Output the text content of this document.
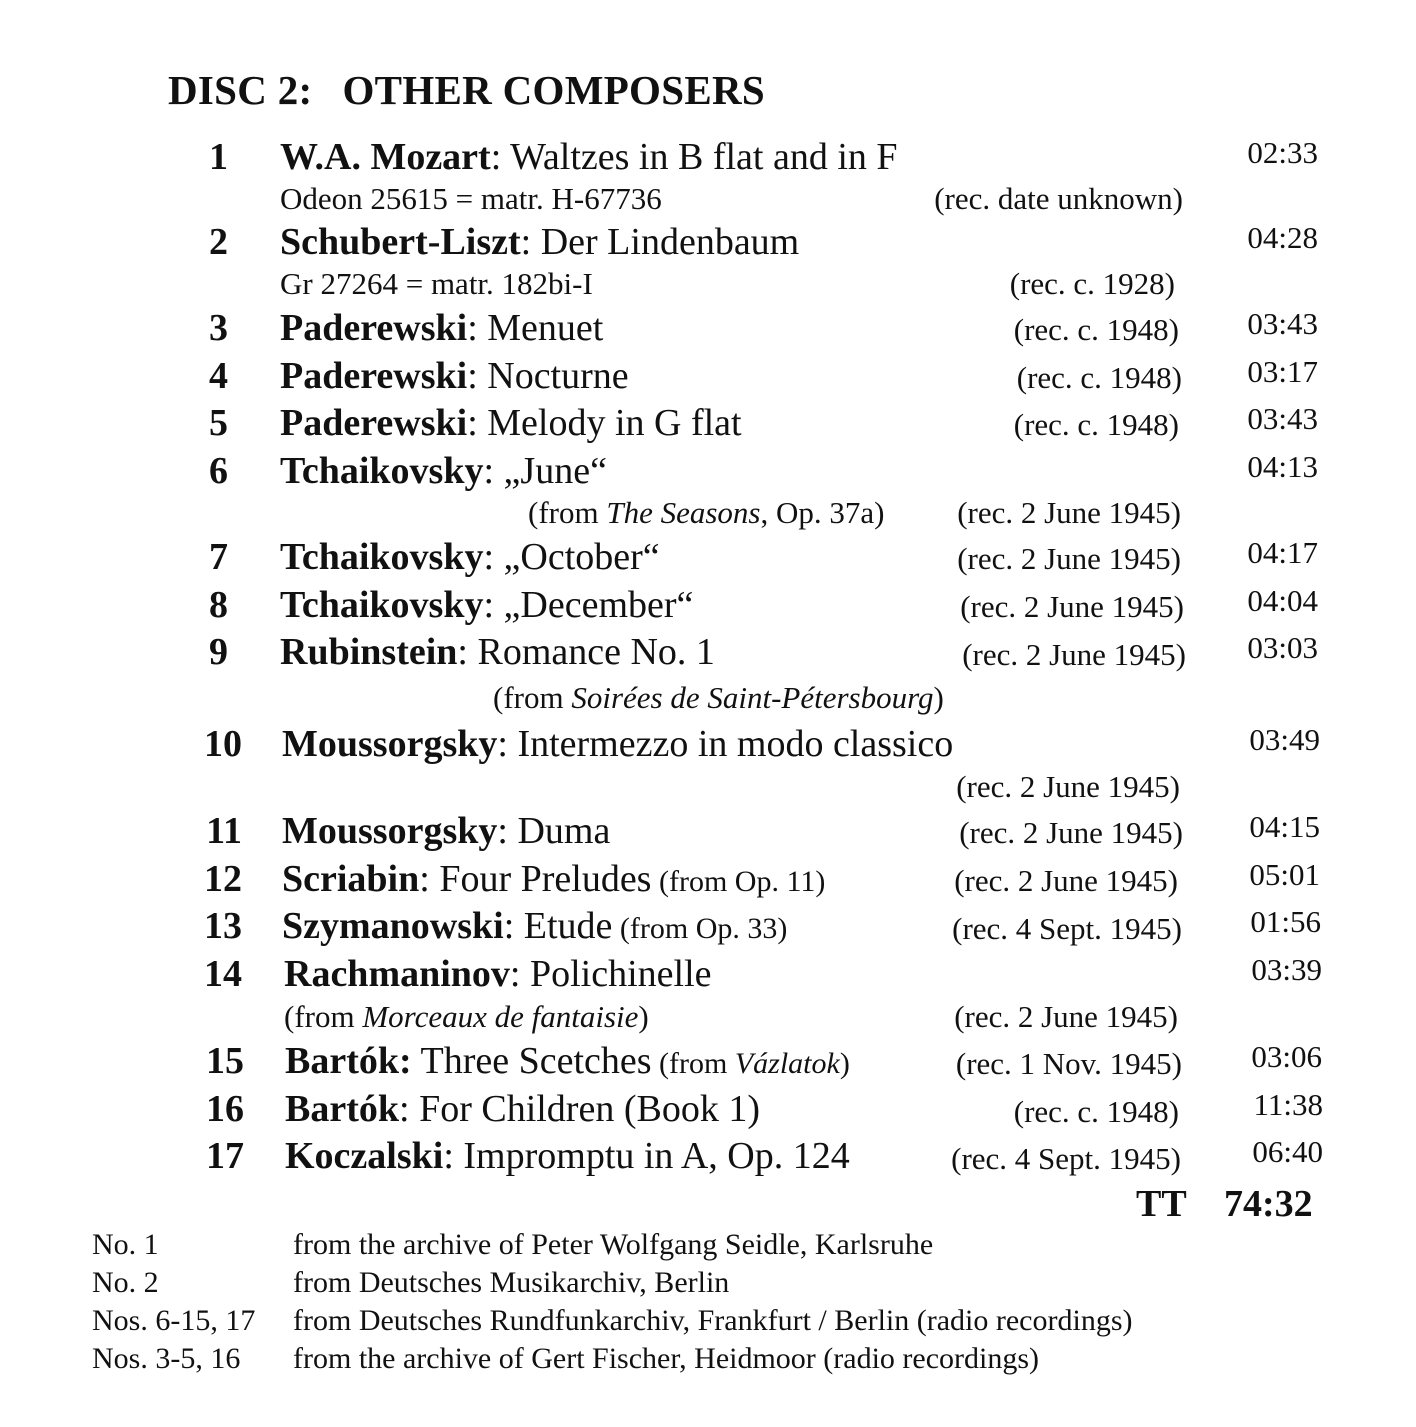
DISC 2: OTHER COMPOSERS
1 W.A. Mozart: Waltzes in B flat and in F	02:33
Odeon 25615 = matr. H-67736	(rec. date unknown)
2 Schubert-Liszt: Der Lindenbaum	04:28
Gr 27264 = matr. 182bi-I	(rec. c. 1928)
3 Paderewski: Menuet	(rec. c. 1948)	03:43
4 Paderewski: Nocturne	(rec. c. 1948)	03:17
5 Paderewski: Melody in G flat	(rec. c. 1948)	03:43
6 Tchaikovsky: „June“	04:13
(from The Seasons, Op. 37a) (rec. 2 June 1945)
7 Tchaikovsky: „October“	(rec. 2 June 1945)	04:17
8 Tchaikovsky: „December“	(rec. 2 June 1945)	04:04
9 Rubinstein: Romance No. 1	(rec. 2 June 1945)	03:03
(from Soirées de Saint-Pétersbourg)
10 Moussorgsky: Intermezzo in modo classico	03:49
(rec. 2 June 1945)
11 Moussorgsky: Duma	(rec. 2 June 1945)	04:15
12 Scriabin: Four Preludes (from Op. 11)	(rec. 2 June 1945)	05:01
13 Szymanowski: Etude (from Op. 33)	(rec. 4 Sept. 1945)	01:56
14 Rachmaninov: Polichinelle	03:39
(from Morceaux de fantaisie)	(rec. 2 June 1945)
15 Bartók: Three Scetches (from Vázlatok)	(rec. 1 Nov. 1945)	03:06
16 Bartók: For Children (Book 1)	(rec. c. 1948)	11:38
17 Koczalski: Impromptu in A, Op. 124	(rec. 4 Sept. 1945)	06:40
TT 74:32
No. 1	from the archive of Peter Wolfgang Seidle, Karlsruhe
No. 2	from Deutsches Musikarchiv, Berlin
Nos. 6-15, 17 from Deutsches Rundfunkarchiv, Frankfurt / Berlin (radio recordings)
Nos. 3-5, 16 from the archive of Gert Fischer, Heidmoor (radio recordings)
